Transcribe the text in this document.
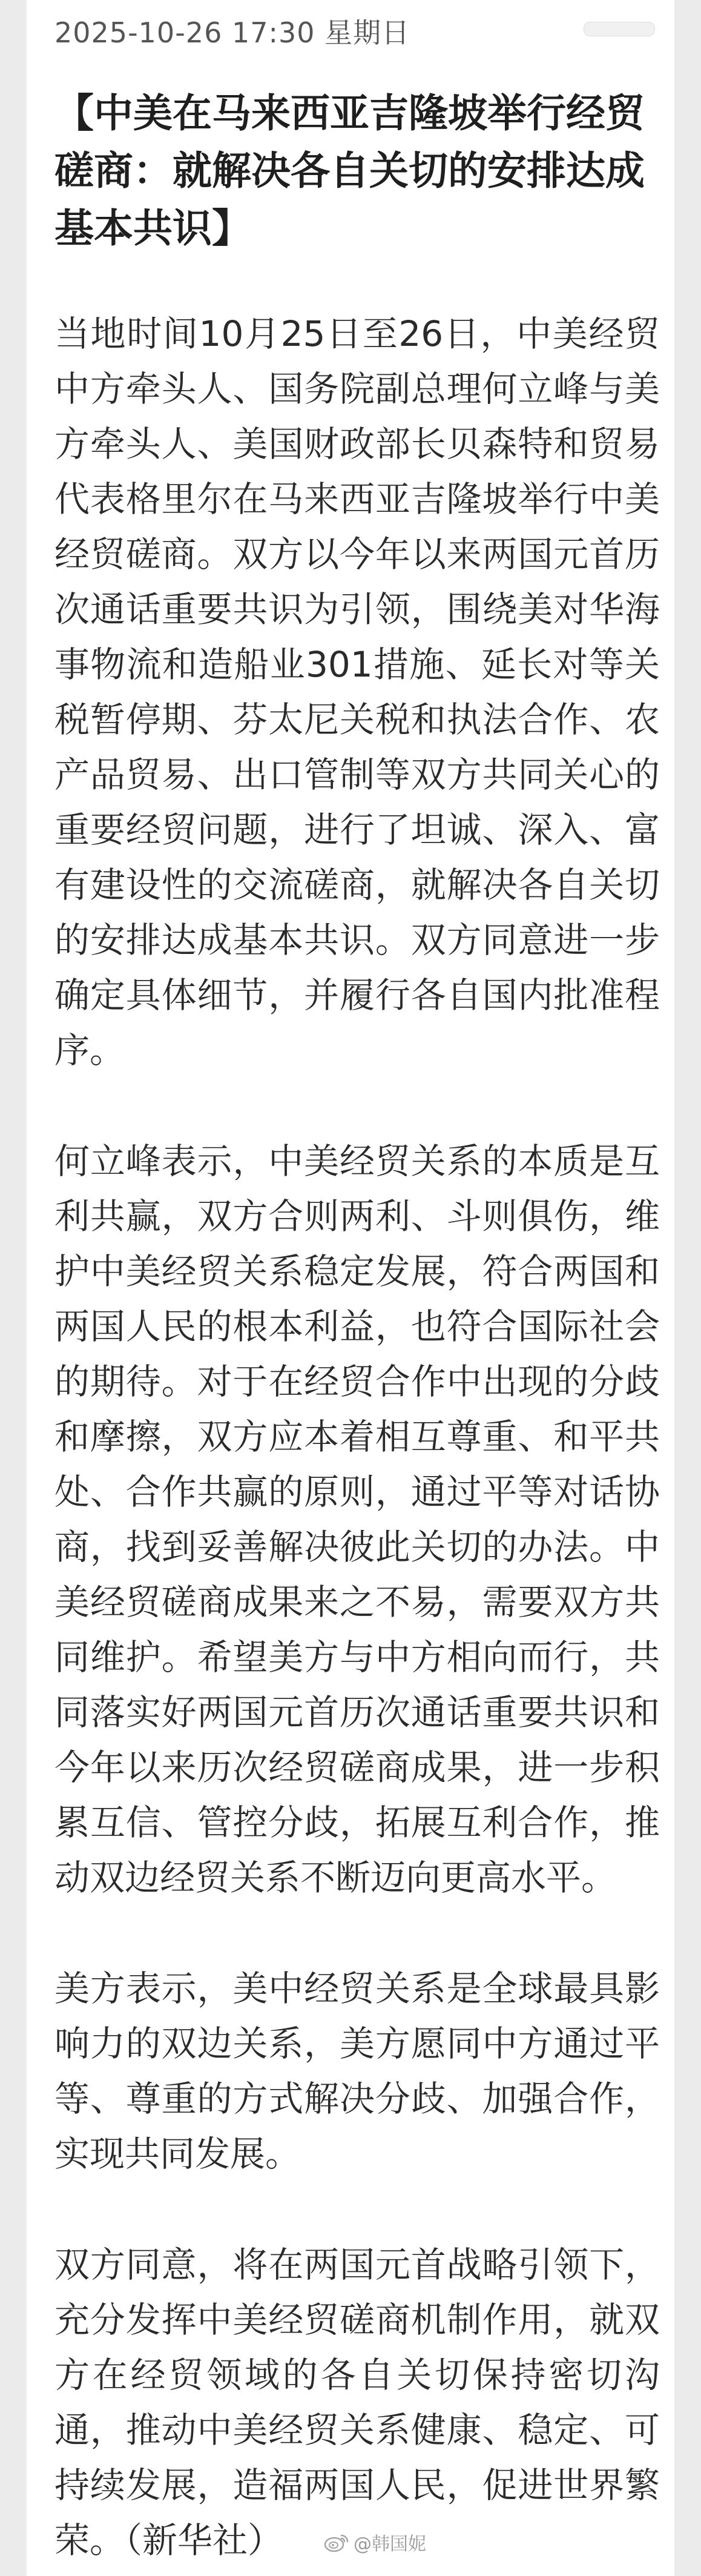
2025-10-26 17:30 星期日
【中美在马来西亚吉隆坡举行经贸磋商：就解决各自关切的安排达成基本共识】

当地时间10月25日至26日，中美经贸中方牵头人、国务院副总理何立峰与美方牵头人、美国财政部长贝森特和贸易代表格里尔在马来西亚吉隆坡举行中美经贸磋商。双方以今年以来两国元首历次通话重要共识为引领，围绕美对华海事物流和造船业301措施、延长对等关税暂停期、芬太尼关税和执法合作、农产品贸易、出口管制等双方共同关心的重要经贸问题，进行了坦诚、深入、富有建设性的交流磋商，就解决各自关切的安排达成基本共识。双方同意进一步确定具体细节，并履行各自国内批准程序。

何立峰表示，中美经贸关系的本质是互利共赢，双方合则两利、斗则俱伤，维护中美经贸关系稳定发展，符合两国和两国人民的根本利益，也符合国际社会的期待。对于在经贸合作中出现的分歧和摩擦，双方应本着相互尊重、和平共处、合作共赢的原则，通过平等对话协商，找到妥善解决彼此关切的办法。中美经贸磋商成果来之不易，需要双方共同维护。希望美方与中方相向而行，共同落实好两国元首历次通话重要共识和今年以来历次经贸磋商成果，进一步积累互信、管控分歧，拓展互利合作，推动双边经贸关系不断迈向更高水平。

美方表示，美中经贸关系是全球最具影响力的双边关系，美方愿同中方通过平等、尊重的方式解决分歧、加强合作，实现共同发展。

双方同意，将在两国元首战略引领下，充分发挥中美经贸磋商机制作用，就双方在经贸领域的各自关切保持密切沟通，推动中美经贸关系健康、稳定、可持续发展，造福两国人民，促进世界繁荣。（新华社）	@韩国妮
